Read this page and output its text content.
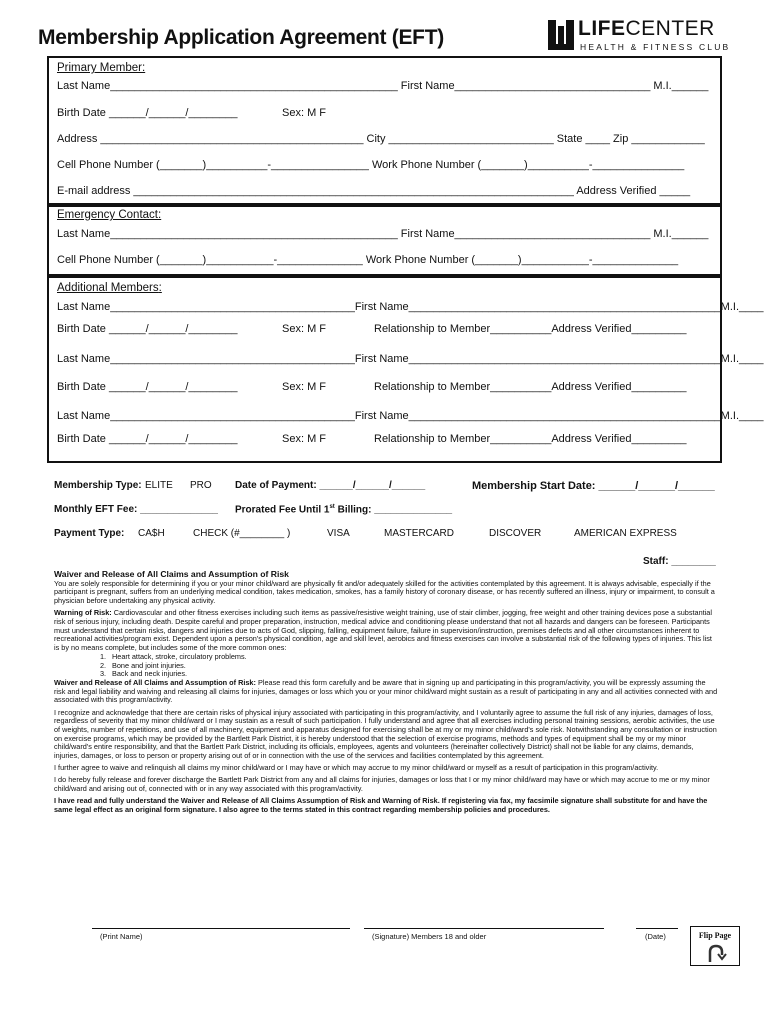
Membership Application Agreement (EFT)	LIFECENTER
HEALTH & FITNESS CLUB
Primary Member:
Last Name_______________________________________________ First Name________________________________ M.I.______
Birth Date ______/______/________	Sex: M F
Address ___________________________________________ City ___________________________ State ____ Zip ____________
Cell Phone Number (_______)__________-________________ Work Phone Number (_______)__________-_______________
E-mail address ________________________________________________________________________ Address Verified _____
Emergency Contact:
Last Name_______________________________________________ First Name________________________________ M.I.______
Cell Phone Number (_______)___________-______________ Work Phone Number (_______)___________-______________
Additional Members:
Last Name________________________________________First Name___________________________________________________M.I.____
Birth Date ______/______/________	Sex: M F	Relationship to Member__________Address Verified_________
Last Name________________________________________First Name___________________________________________________M.I.____
Birth Date ______/______/________	Sex: M F	Relationship to Member__________Address Verified_________
Last Name________________________________________First Name___________________________________________________M.I.____
Birth Date ______/______/________	Sex: M F	Relationship to Member__________Address Verified_________
Membership Type: ELITE PRO Date of Payment: ______/______/______	Membership Start Date: ______/______/______
Monthly EFT Fee: ______________ Prorated Fee Until 1st Billing: ______________
Payment Type: CA$H	CHECK (#________ )	VISA	MASTERCARD	DISCOVER	AMERICAN EXPRESS
Staff: ________
Waiver and Release of All Claims and Assumption of Risk

You are solely responsible for determining if you or your minor child/ward are physically fit and/or adequately skilled for the activities contemplated by this agreement. It is always advisable, especially if the participant is pregnant, suffers from an underlying medical condition, takes medication, smokes, has a family history of coronary disease, or has recently suffered an illness, injury or impairment, to consult a physician before undertaking any physical activity.

Warning of Risk: Cardiovascular and other fitness exercises including such items as passive/resistive weight training, use of stair climber, jogging, free weight and other training devices pose a substantial risk of serious injury, including death. Despite careful and proper preparation, instruction, medical advice and conditioning please understand that not all hazards and dangers can be foreseen. Participants must understand that certain risks, dangers and injuries due to acts of God, slipping, falling, equipment failure, failure in supervision/instruction, premises defects and all other circumstances inherent to recreational activities/program exist. Dependent upon a person's physical condition, age and skill level, aerobics and fitness exercises can involve a substantial risk of the following types of injuries. This list is by no means complete, but includes some of the more common ones:

1. Heart attack, stroke, circulatory problems.
2. Bone and joint injuries.
3. Back and neck injuries.

Waiver and Release of All Claims and Assumption of Risk: Please read this form carefully and be aware that in signing up and participating in this program/activity, you will be expressly assuming the risk and legal liability and waiving and releasing all claims for injuries, damages or loss which you or your minor child/ward might sustain as a result of participating in any and all activities connected with and associated with this program/activity.

I recognize and acknowledge that there are certain risks of physical injury associated with participating in this program/activity, and I voluntarily agree to assume the full risk of any injuries, damages of loss, regardless of severity that my minor child/ward or I may sustain as a result of such participation. I fully understand and agree that all exercises including personal training sessions, aerobic activities, the use of weights, number of repetitions, and use of all machinery, equipment and apparatus designed for exercising shall be at my or my minor child/ward's sole risk. Notwithstanding any consultation or instruction on exercise programs, which may be provided by the Bartlett Park District, it is hereby understood that the selection of exercise programs, methods and types of equipment shall be my or my minor child/ward's entire responsibility, and that the Bartlett Park District, including its officials, employees, agents and volunteers (hereinafter collectively District) shall not be liable for any claims, demands, injuries, damages, or loss to person or property arising out of or in connection with the use of the services and facilities contemplated by this agreement.

I further agree to waive and relinquish all claims my minor child/ward or I may have or which may accrue to my minor child/ward or myself as a result of participation in this program/activity.

I do hereby fully release and forever discharge the Bartlett Park District from any and all claims for injuries, damages or loss that I or my minor child/ward may have or which may accrue to me or my minor child/ward and arising out of, connected with or in any way associated with this program/activity.

I have read and fully understand the Waiver and Release of All Claims Assumption of Risk and Warning of Risk. If registering via fax, my facsimile signature shall substitute for and have the same legal effect as an original form signature. I also agree to the terms stated in this contract regarding membership policies and procedures.

(Print Name)	(Signature) Members 18 and older	(Date)	Flip Page
